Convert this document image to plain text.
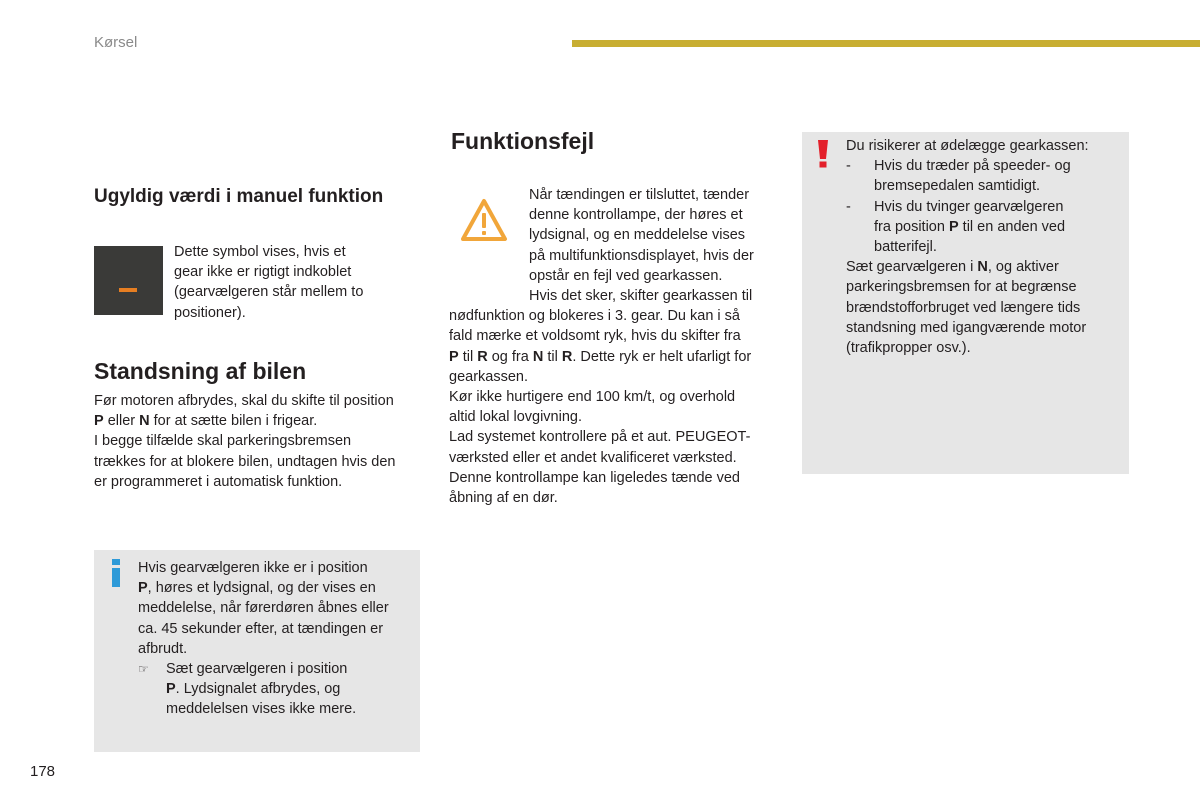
Kørsel
Ugyldig værdi i manuel funktion
Dette symbol vises, hvis et
gear ikke er rigtigt indkoblet
(gearvælgeren står mellem to
positioner).
Standsning af bilen
Før motoren afbrydes, skal du skifte til position
P eller N for at sætte bilen i frigear.
I begge tilfælde skal parkeringsbremsen
trækkes for at blokere bilen, undtagen hvis den
er programmeret i automatisk funktion.
Hvis gearvælgeren ikke er i position
P, høres et lydsignal, og der vises en
meddelelse, når førerdøren åbnes eller
ca. 45 sekunder efter, at tændingen er
afbrudt.
☞	Sæt gearvælgeren i position
P. Lydsignalet afbrydes, og
meddelelsen vises ikke mere.
Funktionsfejl
Når tændingen er tilsluttet, tænder
denne kontrollampe, der høres et
lydsignal, og en meddelelse vises
på multifunktionsdisplayet, hvis der
opstår en fejl ved gearkassen.
Hvis det sker, skifter gearkassen til
nødfunktion og blokeres i 3. gear. Du kan i så
fald mærke et voldsomt ryk, hvis du skifter fra
P til R og fra N til R. Dette ryk er helt ufarligt for
gearkassen.
Kør ikke hurtigere end 100 km/t, og overhold
altid lokal lovgivning.
Lad systemet kontrollere på et aut. PEUGEOT-
værksted eller et andet kvalificeret værksted.
Denne kontrollampe kan ligeledes tænde ved
åbning af en dør.
Du risikerer at ødelægge gearkassen:
-	Hvis du træder på speeder- og
bremsepedalen samtidigt.
-	Hvis du tvinger gearvælgeren
fra position P til en anden ved
batterifejl.
Sæt gearvælgeren i N, og aktiver
parkeringsbremsen for at begrænse
brændstofforbruget ved længere tids
standsning med igangværende motor
(trafikpropper osv.).
178
